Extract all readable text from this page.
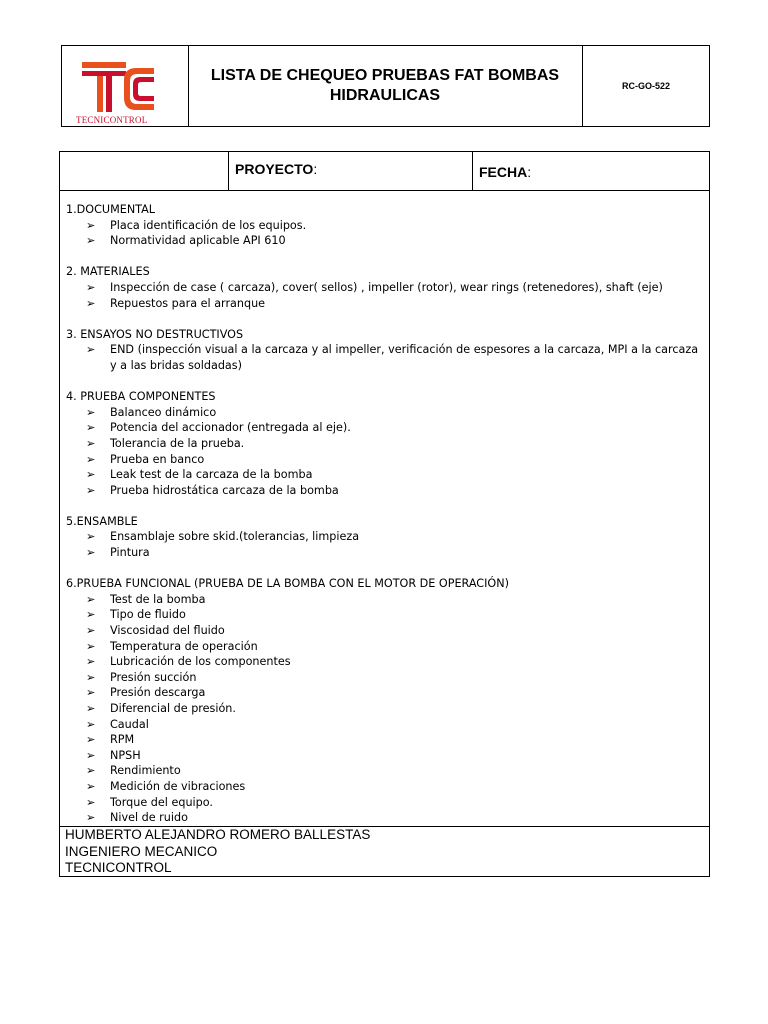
TECNICONTROL
LISTA DE CHEQUEO PRUEBAS FAT BOMBAS
HIDRAULICAS
RC-GO-522
PROYECTO:	FECHA:

1.DOCUMENTAL

➢ Placa identificación de los equipos.
➢ Normatividad aplicable API 610

2. MATERIALES

➢ Inspección de case ( carcaza), cover( sellos) , impeller (rotor), wear rings (retenedores), shaft (eje)
➢ Repuestos para el arranque

3. ENSAYOS NO DESTRUCTIVOS

➢ END (inspección visual a la carcaza y al impeller, verificación de espesores a la carcaza, MPI a la carcaza y a las bridas soldadas)

4. PRUEBA COMPONENTES

➢ Balanceo dinámico
➢ Potencia del accionador (entregada al eje).
➢ Tolerancia de la prueba.
➢ Prueba en banco
➢ Leak test de la carcaza de la bomba
➢ Prueba hidrostática carcaza de la bomba

5.ENSAMBLE

➢ Ensamblaje sobre skid.(tolerancias, limpieza
➢ Pintura

6.PRUEBA FUNCIONAL (PRUEBA DE LA BOMBA CON EL MOTOR DE OPERACIÓN)

➢ Test de la bomba
➢ Tipo de fluido
➢ Viscosidad del fluido
➢ Temperatura de operación
➢ Lubricación de los componentes
➢ Presión succión
➢ Presión descarga
➢ Diferencial de presión.
➢ Caudal
➢ RPM
➢ NPSH
➢ Rendimiento
➢ Medición de vibraciones
➢ Torque del equipo.
➢ Nivel de ruido
HUMBERTO ALEJANDRO ROMERO BALLESTAS
INGENIERO MECANICO
TECNICONTROL
